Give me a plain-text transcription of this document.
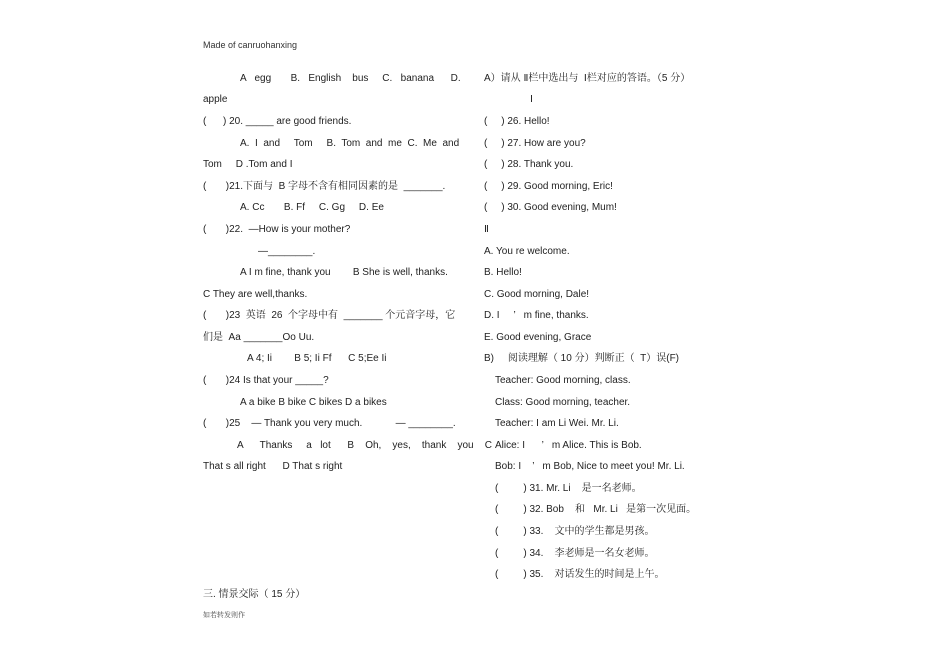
Made of canruohanxing
A   egg       B.   English    bus     C.   banana      D.
apple
(      ) 20. _____ are good friends.
A.  I  and     Tom     B.  Tom  and  me  C.  Me  and
Tom     D .Tom and I
(       )21.下面与  B 字母不含有相同因素的是  _______.
A. Cc       B. Ff     C. Gg     D. Ee
(       )22.  —How is your mother?
—________.
A I m fine, thank you        B She is well, thanks.
C They are well,thanks.
(       )23  英语  26  个字母中有  _______ 个元音字母，它
们是  Aa _______Oo Uu.
A 4; Ii        B 5; Ii Ff      C 5;Ee Ii
(       )24 Is that your _____?
A a bike B bike C bikes D a bikes
(       )25    — Thank you very much.            — ________.
A      Thanks     a   lot      B    Oh,    yes,    thank    you    C
That s all right      D That s right
三. 情景交际（ 15 分）
A）请从 Ⅱ栏中选出与  Ⅰ栏对应的答语。（5 分）
Ⅰ
(     ) 26. Hello!
(     ) 27. How are you?
(     ) 28. Thank you.
(     ) 29. Good morning, Eric!
(     ) 30. Good evening, Mum!
Ⅱ
A. You re welcome.
B. Hello!
C. Good morning, Dale!
D. I     ’   m fine, thanks.
E. Good evening, Grace
B)     阅读理解（ 10 分）判断正（  T）误(F)
Teacher: Good morning, class.
Class: Good morning, teacher.
Teacher: I am Li Wei. Mr. Li.
Alice: I      ’   m Alice. This is Bob.
Bob: I    ’   m Bob, Nice to meet you! Mr. Li.
(         ) 31. Mr. Li    是一名老师。
(         ) 32. Bob    和   Mr. Li   是第一次见面。
(         ) 33.    文中的学生都是男孩。
(         ) 34.    李老师是一名女老师。
(         ) 35.    对话发生的时间是上午。
如若转发则作
